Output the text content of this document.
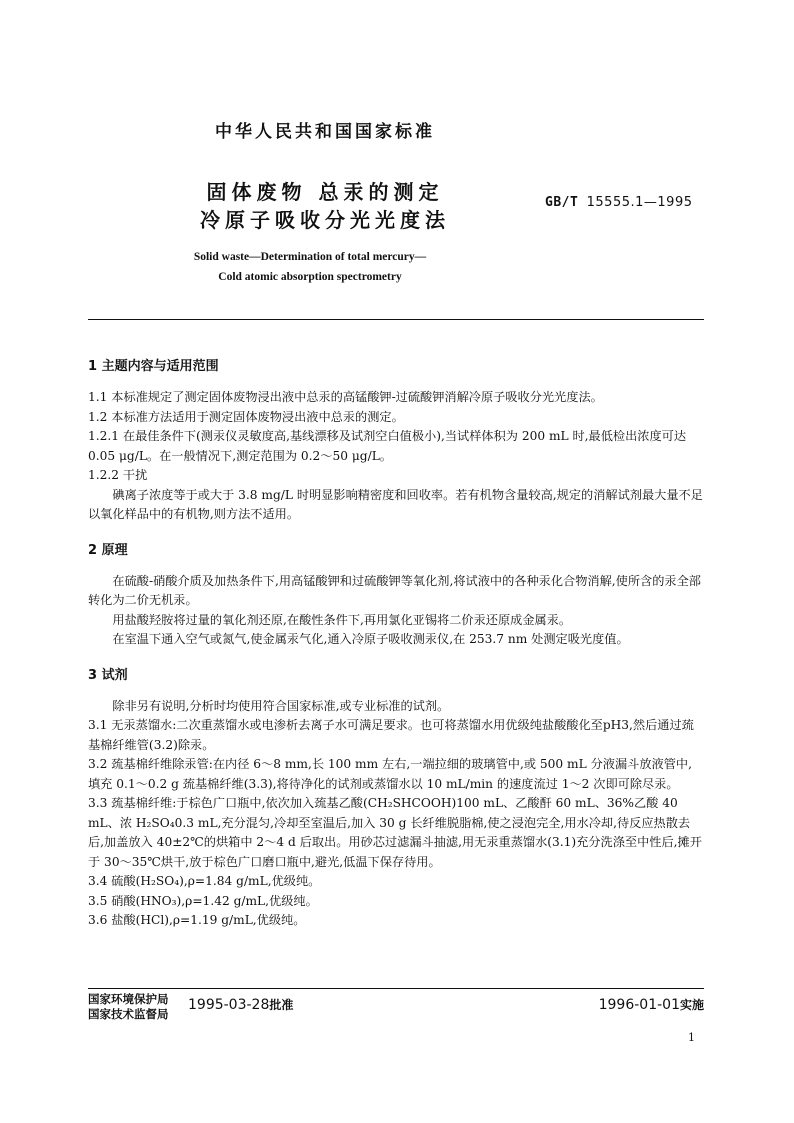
中华人民共和国国家标准
固体废物 总汞的测定
冷原子吸收分光光度法
GB/T 15555.1—1995
Solid waste—Determination of total mercury—
Cold atomic absorption spectrometry
1 主题内容与适用范围

1.1 本标准规定了测定固体废物浸出液中总汞的高锰酸钾-过硫酸钾消解冷原子吸收分光光度法。

1.2 本标准方法适用于测定固体废物浸出液中总汞的测定。

1.2.1 在最佳条件下(测汞仪灵敏度高,基线漂移及试剂空白值极小),当试样体积为 200 mL 时,最低检出浓度可达 0.05 μg/L。在一般情况下,测定范围为 0.2～50 μg/L。

1.2.2 干扰

碘离子浓度等于或大于 3.8 mg/L 时明显影响精密度和回收率。若有机物含量较高,规定的消解试剂最大量不足以氧化样品中的有机物,则方法不适用。

2 原理

在硫酸-硝酸介质及加热条件下,用高锰酸钾和过硫酸钾等氧化剂,将试液中的各种汞化合物消解,使所含的汞全部转化为二价无机汞。

用盐酸羟胺将过量的氧化剂还原,在酸性条件下,再用氯化亚锡将二价汞还原成金属汞。

在室温下通入空气或氮气,使金属汞气化,通入冷原子吸收测汞仪,在 253.7 nm 处测定吸光度值。

3 试剂

除非另有说明,分析时均使用符合国家标准,或专业标准的试剂。

3.1 无汞蒸馏水:二次重蒸馏水或电渗析去离子水可满足要求。也可将蒸馏水用优级纯盐酸酸化至pH3,然后通过巯基棉纤维管(3.2)除汞。

3.2 巯基棉纤维除汞管:在内径 6～8 mm,长 100 mm 左右,一端拉细的玻璃管中,或 500 mL 分液漏斗放液管中,填充 0.1～0.2 g 巯基棉纤维(3.3),将待净化的试剂或蒸馏水以 10 mL/min 的速度流过 1～2 次即可除尽汞。

3.3 巯基棉纤维:于棕色广口瓶中,依次加入巯基乙酸(CH₂SHCOOH)100 mL、乙酸酐 60 mL、36%乙酸 40 mL、浓 H₂SO₄0.3 mL,充分混匀,冷却至室温后,加入 30 g 长纤维脱脂棉,使之浸泡完全,用水冷却,待反应热散去后,加盖放入 40±2℃的烘箱中 2～4 d 后取出。用砂芯过滤漏斗抽滤,用无汞重蒸馏水(3.1)充分洗涤至中性后,摊开于 30～35℃烘干,放于棕色广口磨口瓶中,避光,低温下保存待用。

3.4 硫酸(H₂SO₄),ρ=1.84 g/mL,优级纯。

3.5 硝酸(HNO₃),ρ=1.42 g/mL,优级纯。

3.6 盐酸(HCl),ρ=1.19 g/mL,优级纯。

国家环境保护局
国家技术监督局
1995-03-28批准	1996-01-01实施
1
